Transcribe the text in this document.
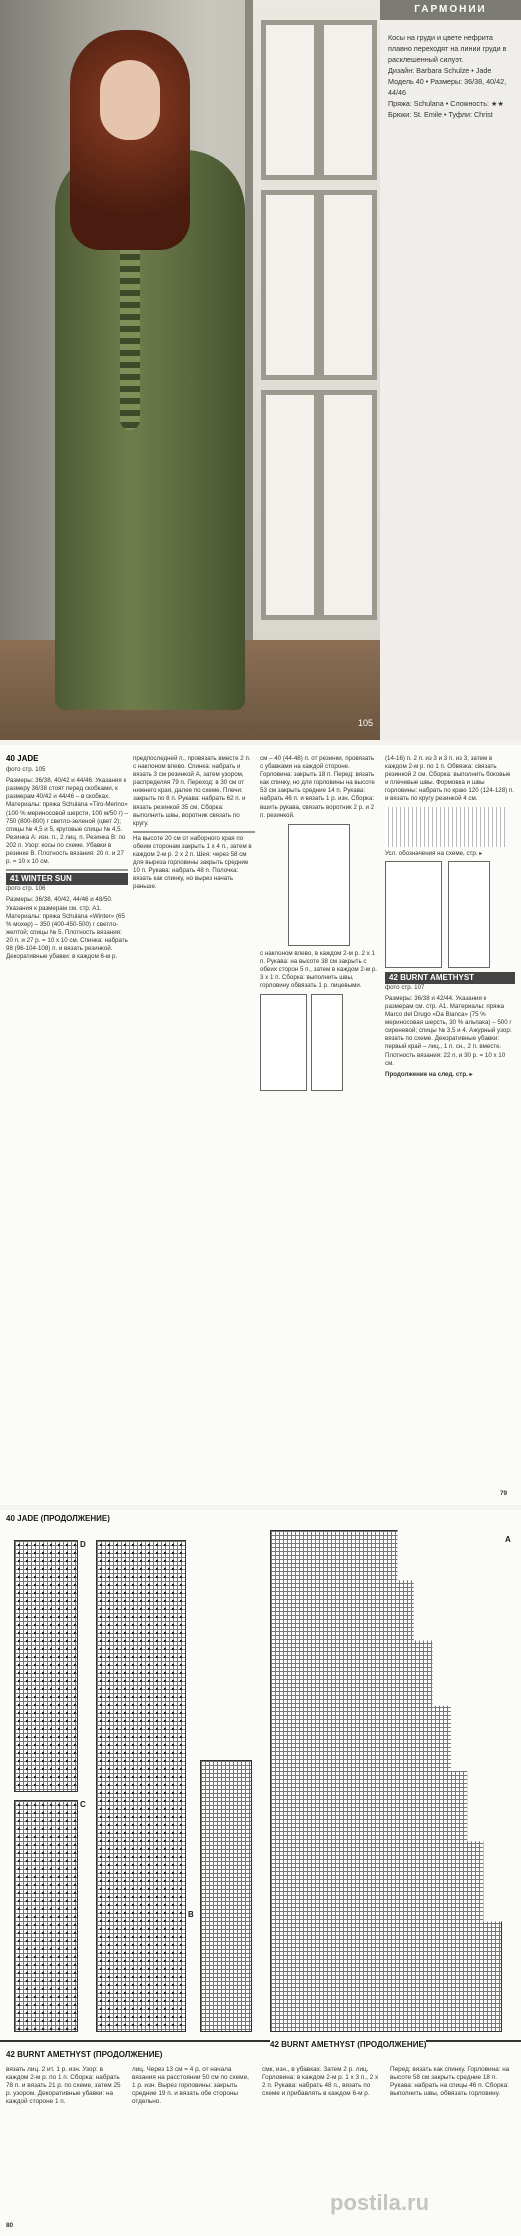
105
ГАРМОНИИ
Косы на груди и цвете нефрита плавно переходят на линии груди в расклешенный силуэт.
Дизайн: Barbara Schulze • Jade
Модель 40 • Размеры: 36/38, 40/42, 44/46
Пряжа: Schulana • Сложность: ★★
Брюки: St. Emile • Туфли: Christ
40 JADE

фото стр. 105

Размеры: 36/38, 40/42 и 44/46. Указания к размеру 36/38 стоят перед скобками, к размерам 40/42 и 44/46 – в скобках. Материалы: пряжа Schulana «Tiro-Merino» (100 % мериносовой шерсти, 100 м/50 г) – 750 (800-800) г светло-зеленой (цвет 2); спицы № 4,5 и 5, круговые спицы № 4,5. Резинка А: изн. п., 2 лиц. п. Резинка В: по 202 п. Узор: косы по схеме. Убавки в резинке В. Плотность вязания: 20 п. и 27 р. = 10 x 10 см.

41 WINTER SUN

фото стр. 106

Размеры: 36/38, 40/42, 44/46 и 48/50. Указания к размерам см. стр. A1. Материалы: пряжа Schulana «Winter» (65 % мохер) – 350 (400-450-500) г светло-желтой; спицы № 5. Плотность вязания: 20 п. и 27 р. = 10 x 10 см. Спинка: набрать 98 (96-104-108) п. и вязать резинкой. Декоративные убавки: в каждом 6-м р.

предпоследней п., провязать вместе 2 п. с наклоном влево. Спинка: набрать и вязать 3 см резинкой А, затем узором, распределяя 79 п. Переход: в 30 см от нижнего края, далее по схеме. Плечи: закрыть по 8 п. Рукава: набрать 62 п. и вязать резинкой 35 см. Сборка: выполнить швы, воротник связать по кругу.

На высоте 20 см от наборного края по обеим сторонам закрыть 1 x 4 п., затем в каждом 2-м р. 2 x 2 п. Шея: через 58 см для выреза горловины закрыть средние 10 п. Рукава: набрать 48 п. Полочка: вязать как спинку, но вырез начать раньше.

см – 40 (44-48) п. от резинки, провязать с убавками на каждой стороне. Горловина: закрыть 18 п. Перед: вязать как спинку, но для горловины на высоте 53 см закрыть средние 14 п. Рукава: набрать 46 п. и вязать 1 р. изн. Сборка: вшить рукава, связать воротник 2 р. и 2 п. резинкой.

с наклоном влево, в каждом 2-м р. 2 x 1 п. Рукава: на высоте 38 см закрыть с обеих сторон 5 п., затем в каждом 2-м р. 3 x 1 п. Сборка: выполнить швы, горловину обвязать 1 р. лицевыми.

(14-16) п. 2 п. из 3 и 3 п. из 3, затем в каждом 2-м р. по 1 п. Обвязка: связать резинкой 2 см. Сборка: выполнить боковые и плечевые швы. Формовка и швы горловины: набрать по краю 120 (124-128) п. и вязать по кругу резинкой 4 см.

Усл. обозначения на схеме, стр. ▸

42 BURNT AMETHYST

фото стр. 107

Размеры: 36/38 и 42/44. Указания к размерам см. стр. A1. Материалы: пряжа Marco del Drugo «Da Bianca» (75 % мериносовая шерсть, 30 % альпака) – 500 г сиреневой; спицы № 3,5 и 4. Ажурный узор: вязать по схеме. Декоративные убавки: первый край – лиц., 1 п. сн., 2 п. вместе. Плотность вязания: 22 п. и 30 р. = 10 x 10 см.

Продолжение на след. стр. ▸

79
40 JADE (ПРОДОЛЖЕНИЕ)
D
C
B
A
42 BURNT AMETHYST (ПРОДОЛЖЕНИЕ)
42 BURNT AMETHYST (ПРОДОЛЖЕНИЕ)
вязать лиц. 2 ит. 1 р. изн. Узор: в каждом 2-м р. по 1 п. Сборка: набрать 78 п. и вязать 21 р. по схеме, затем 25 р. узором. Декоративные убавки: на каждой стороне 1 п.
лиц. Через 13 см = 4 р. от начала вязания на расстоянии 50 см по схеме, 1 p. изн. Вырез горловины: закрыть средние 19 п. и вязать обе стороны отдельно.
смк, изн., в убавках. Затем 2 р. лиц. Горловина: в каждом 2-м р. 1 x 3 п., 2 x 2 п. Рукава: набрать 48 п., вязать по схеме и прибавлять в каждом 6-м р.
Перед: вязать как спинку. Горловина: на высоте 58 см закрыть средние 18 п. Рукава: набрать на спицы 46 п. Сборка: выполнить швы, обвязать горловину.
80
postila.ru
